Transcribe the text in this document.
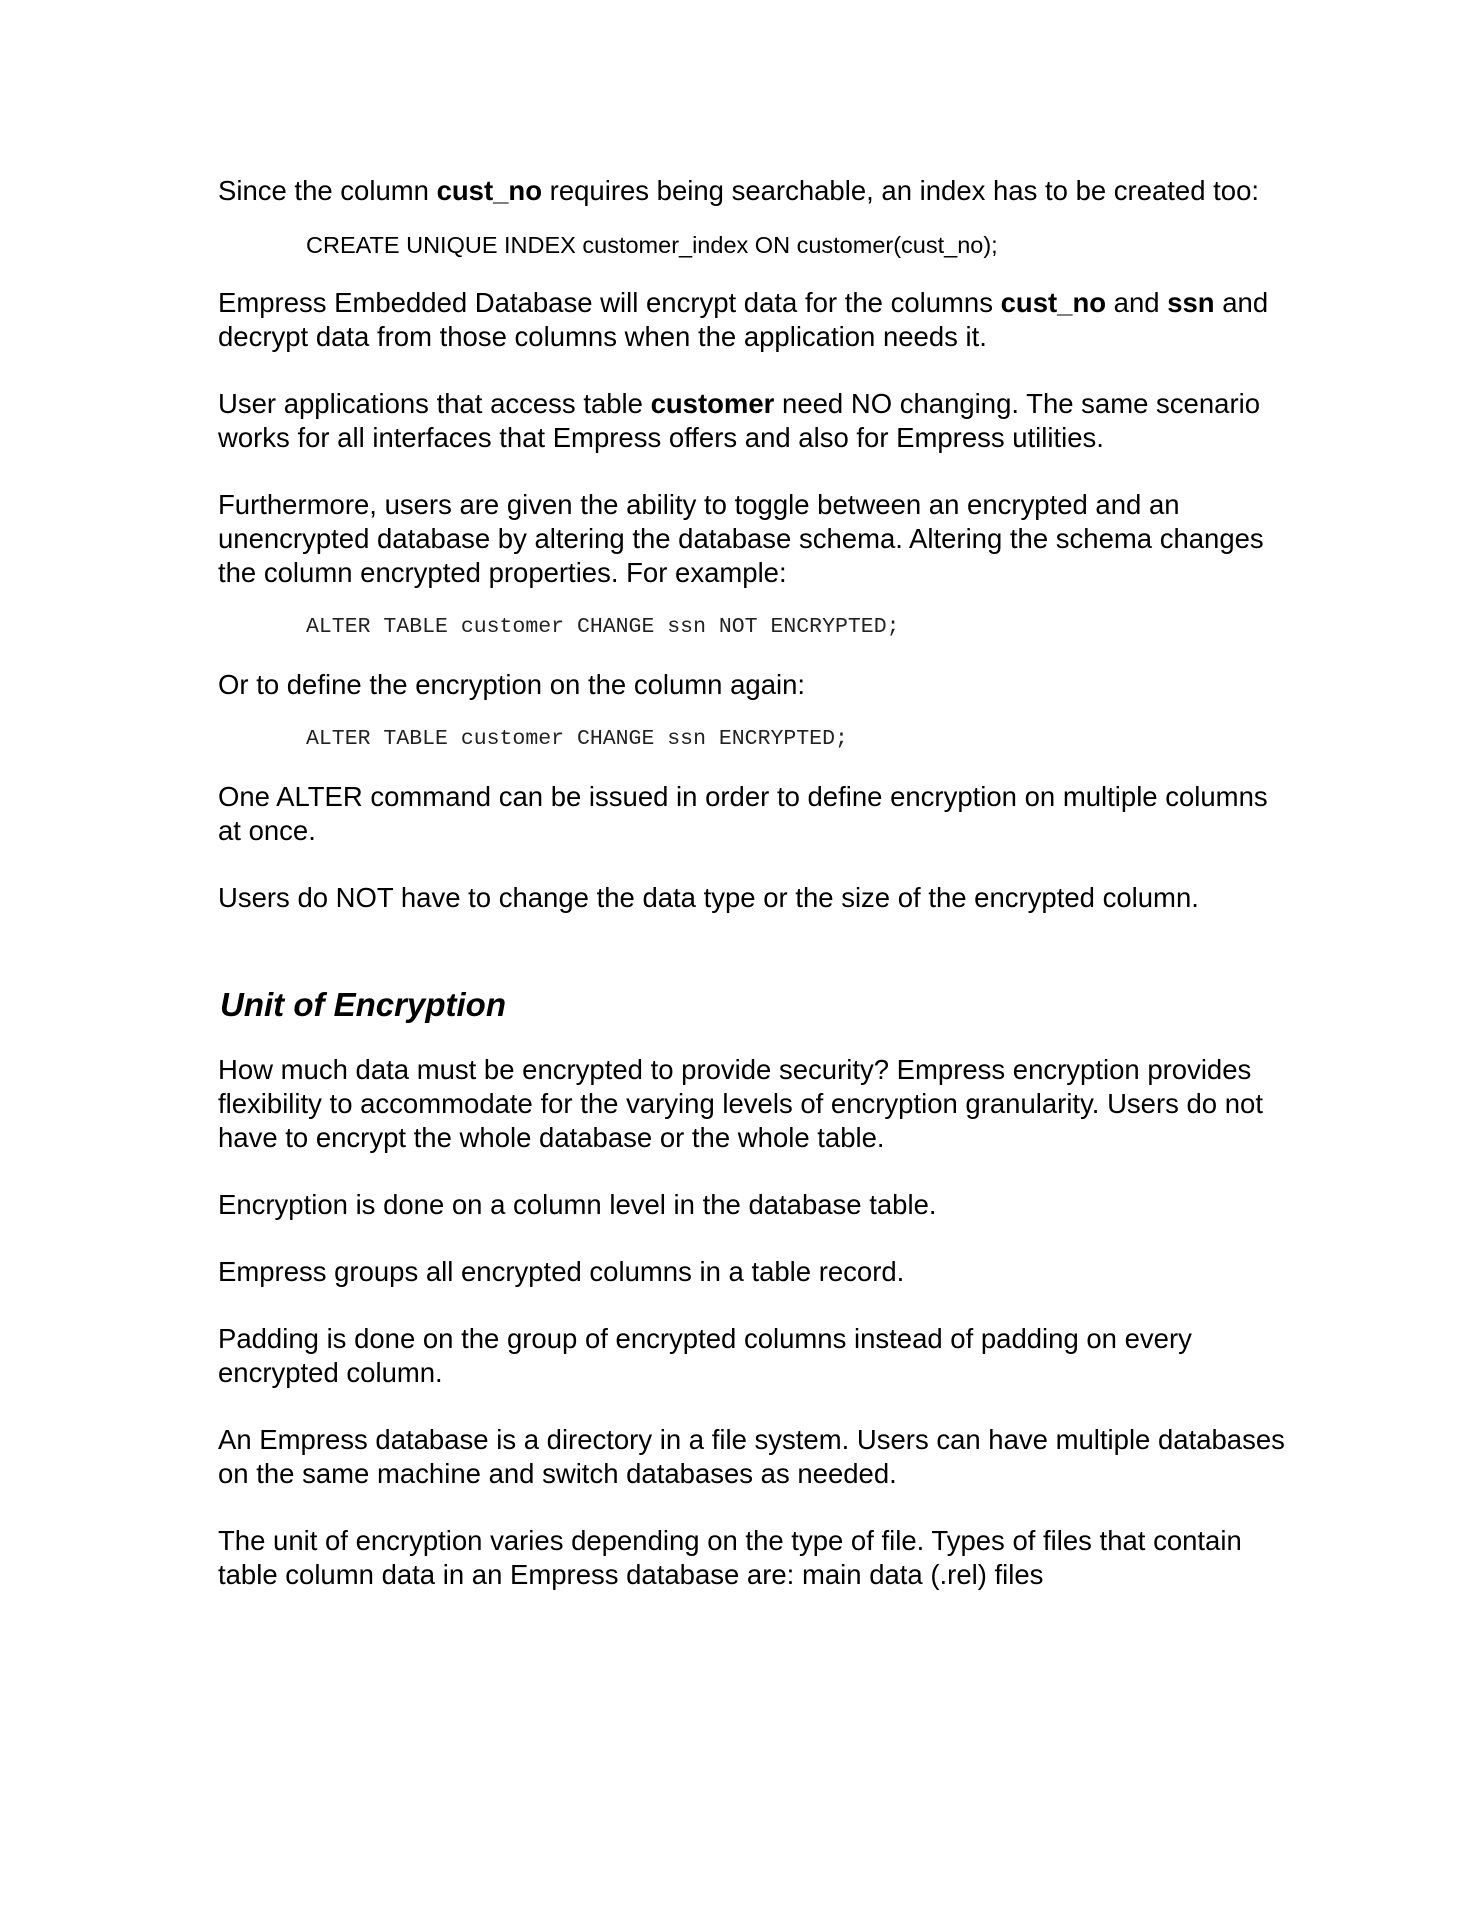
Since the column cust_no requires being searchable, an index has to be created too:

CREATE UNIQUE INDEX customer_index ON customer(cust_no);

Empress Embedded Database will encrypt data for the columns cust_no and ssn and decrypt data from those columns when the application needs it.

User applications that access table customer need NO changing. The same scenario works for all interfaces that Empress offers and also for Empress utilities.

Furthermore, users are given the ability to toggle between an encrypted and an unencrypted database by altering the database schema. Altering the schema changes the column encrypted properties. For example:

ALTER TABLE customer CHANGE ssn NOT ENCRYPTED;

Or to define the encryption on the column again:

ALTER TABLE customer CHANGE ssn ENCRYPTED;

One ALTER command can be issued in order to define encryption on multiple columns at once.

Users do NOT have to change the data type or the size of the encrypted column.

Unit of Encryption

How much data must be encrypted to provide security? Empress encryption provides flexibility to accommodate for the varying levels of encryption granularity. Users do not have to encrypt the whole database or the whole table.

Encryption is done on a column level in the database table.

Empress groups all encrypted columns in a table record.

Padding is done on the group of encrypted columns instead of padding on every encrypted column.

An Empress database is a directory in a file system. Users can have multiple databases on the same machine and switch databases as needed.

The unit of encryption varies depending on the type of file. Types of files that contain table column data in an Empress database are: main data (.rel) files
